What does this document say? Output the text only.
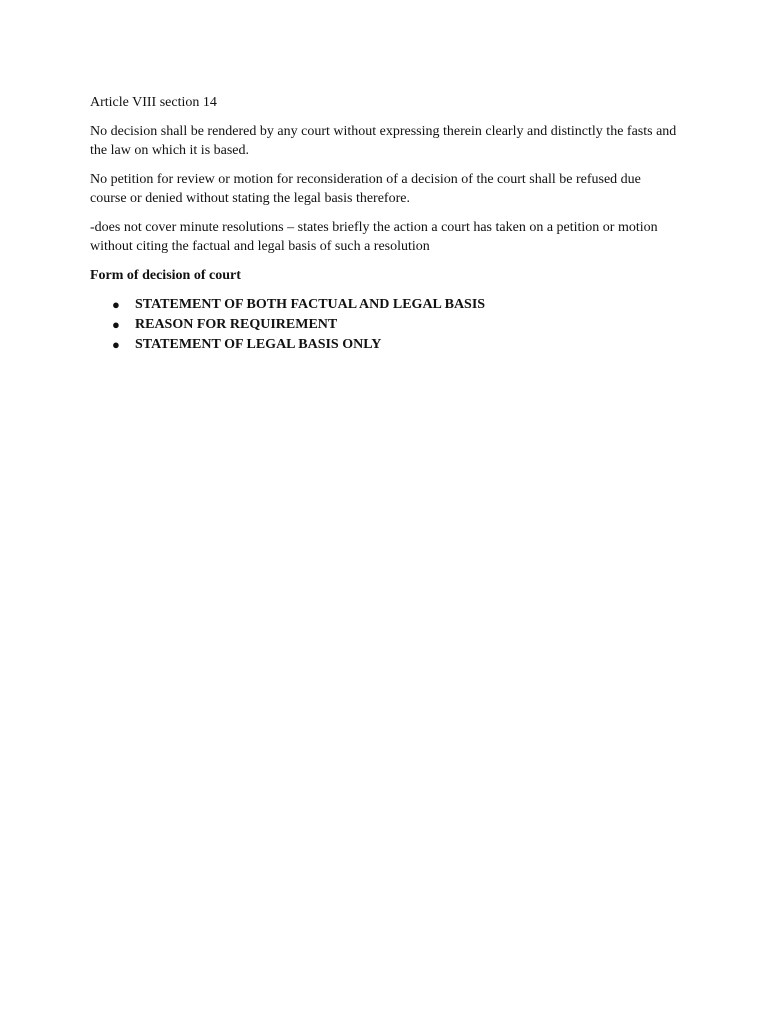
Article VIII section 14

No decision shall be rendered by any court without expressing therein clearly and distinctly the fasts and the law on which it is based.

No petition for review or motion for reconsideration of a decision of the court shall be refused due course or denied without stating the legal basis therefore.

-does not cover minute resolutions – states briefly the action a court has taken on a petition or motion without citing the factual and legal basis of such a resolution

Form of decision of court

● STATEMENT OF BOTH FACTUAL AND LEGAL BASIS
● REASON FOR REQUIREMENT
● STATEMENT OF LEGAL BASIS ONLY
